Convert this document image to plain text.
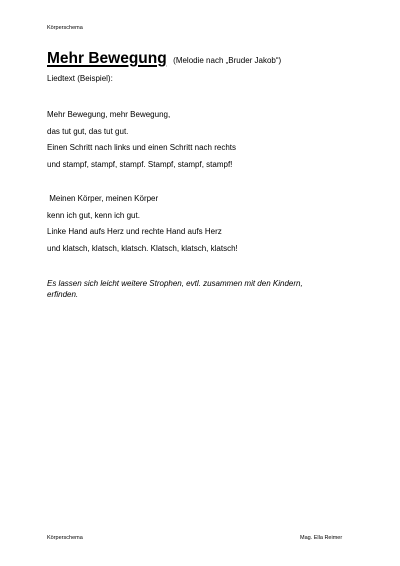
Körperschema
Mehr Bewegung (Melodie nach „Bruder Jakob“)
Liedtext (Beispiel):
Mehr Bewegung, mehr Bewegung,
das tut gut, das tut gut.
Einen Schritt nach links und einen Schritt nach rechts
und stampf, stampf, stampf. Stampf, stampf, stampf!
Meinen Körper, meinen Körper
kenn ich gut, kenn ich gut.
Linke Hand aufs Herz und rechte Hand aufs Herz
und klatsch, klatsch, klatsch. Klatsch, klatsch, klatsch!
Es lassen sich leicht weitere Strophen, evtl. zusammen mit den Kindern,
erfinden.
Körperschema	Mag. Ella Reimer
